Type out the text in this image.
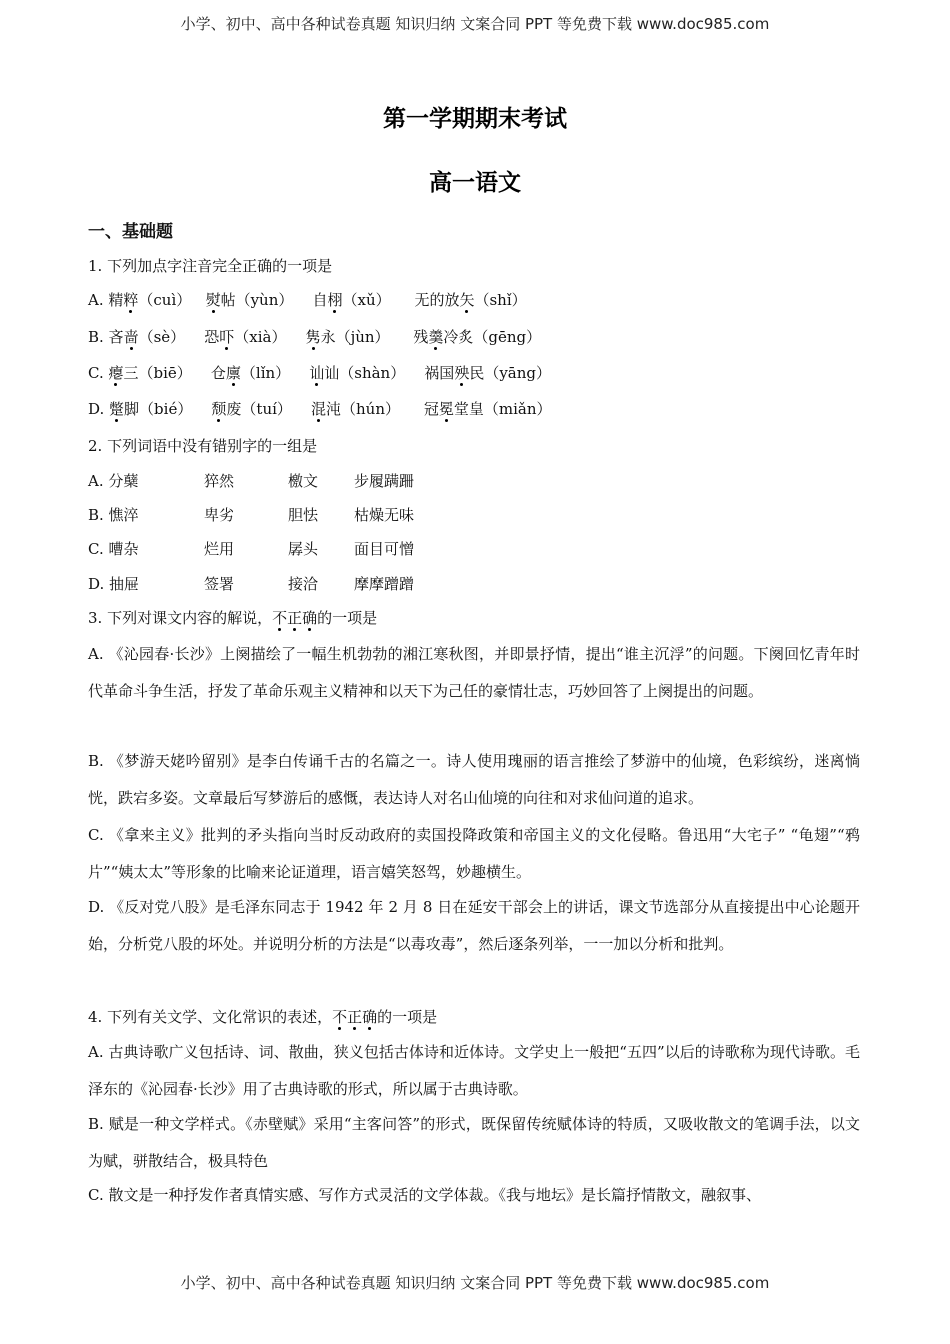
小学、初中、高中各种试卷真题 知识归纳 文案合同 PPT 等免费下载 www.doc985.com
第一学期期末考试
高一语文
一、基础题
1. 下列加点字注音完全正确的一项是
A. 精粹（cuì） 熨帖（yùn） 自栩（xǔ） 无的放矢（shǐ）
B. 吝啬（sè） 恐吓（xià） 隽永（jùn） 残羹冷炙（gēng）
C. 瘪三（biē） 仓廪（lǐn） 讪讪（shàn） 祸国殃民（yāng）
D. 蹩脚（bié） 颓废（tuí） 混沌（hún） 冠冕堂皇（miǎn）
2. 下列词语中没有错别字的一组是
A. 分蘖	猝然	檄文 步履蹒跚
B. 憔淬	卑劣	胆怯 枯燥无味
C. 嘈杂	烂用	孱头 面目可憎
D. 抽屉	签署	接洽 摩摩蹭蹭
3. 下列对课文内容的解说，不正确的一项是
A. 《沁园春·长沙》上阕描绘了一幅生机勃勃的湘江寒秋图，并即景抒情，提出“谁主沉浮”的问题。下阕回忆青年时代革命斗争生活，抒发了革命乐观主义精神和以天下为己任的豪情壮志，巧妙回答了上阕提出的问题。
B. 《梦游天姥吟留别》是李白传诵千古的名篇之一。诗人使用瑰丽的语言推绘了梦游中的仙境，色彩缤纷，迷离惝恍，跌宕多姿。文章最后写梦游后的感慨，表达诗人对名山仙境的向往和对求仙问道的追求。
C. 《拿来主义》批判的矛头指向当时反动政府的卖国投降政策和帝国主义的文化侵略。鲁迅用“大宅子” “龟翅”“鸦片”“姨太太”等形象的比喻来论证道理，语言嬉笑怒驾，妙趣横生。
D. 《反对党八股》是毛泽东同志于 1942 年 2 月 8 日在延安干部会上的讲话，课文节选部分从直接提出中心论题开始，分析党八股的坏处。并说明分析的方法是“以毒攻毒”，然后逐条列举，一一加以分析和批判。
4. 下列有关文学、文化常识的表述，不正确的一项是
A. 古典诗歌广义包括诗、词、散曲，狭义包括古体诗和近体诗。文学史上一般把“五四”以后的诗歌称为现代诗歌。毛泽东的《沁园春·长沙》用了古典诗歌的形式，所以属于古典诗歌。
B. 赋是一种文学样式。《赤壁赋》采用“主客问答”的形式，既保留传统赋体诗的特质，又吸收散文的笔调手法，以文为赋，骈散结合，极具特色
C. 散文是一种抒发作者真情实感、写作方式灵活的文学体裁。《我与地坛》是长篇抒情散文，融叙事、
小学、初中、高中各种试卷真题 知识归纳 文案合同 PPT 等免费下载 www.doc985.com
